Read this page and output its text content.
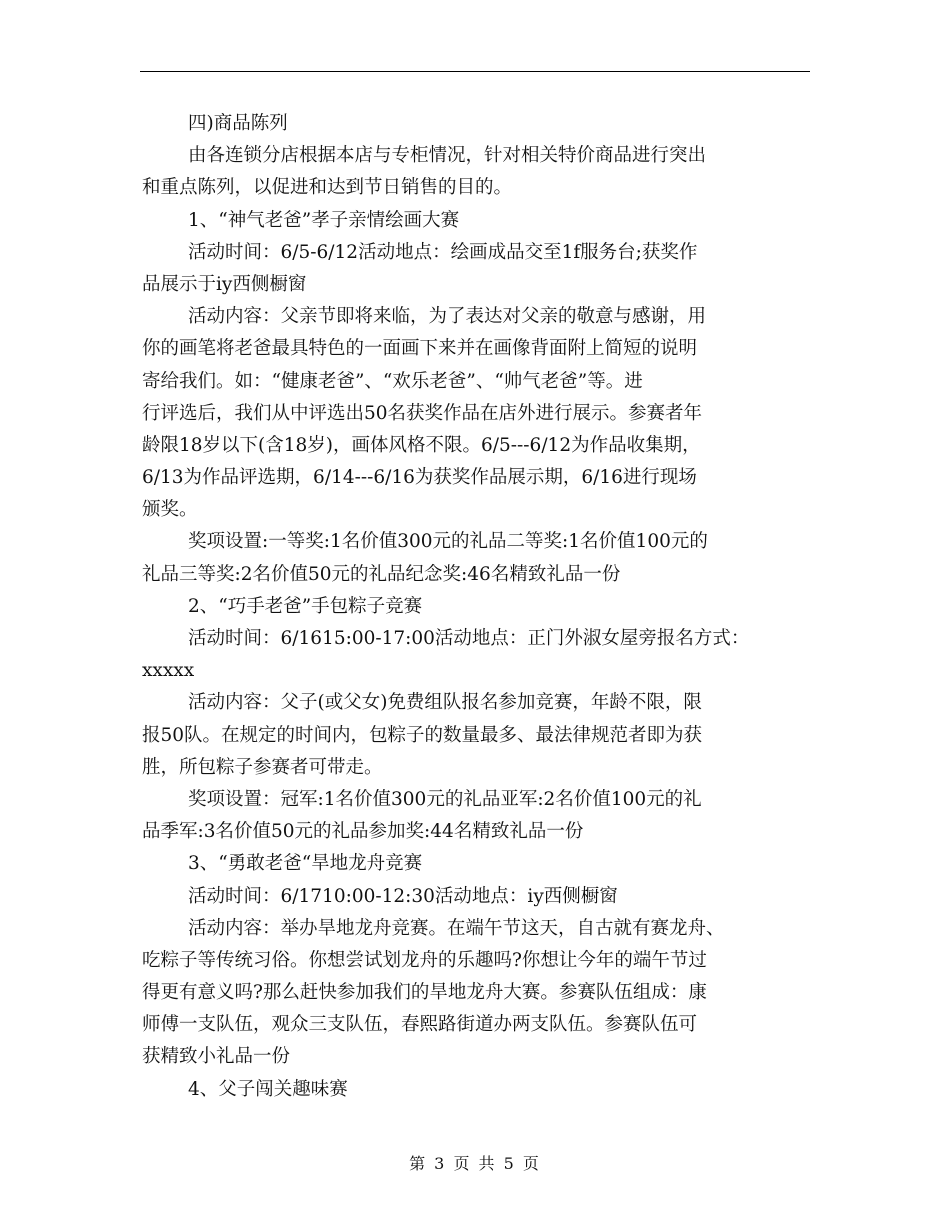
四)商品陈列
由各连锁分店根据本店与专柜情况，针对相关特价商品进行突出
和重点陈列，以促进和达到节日销售的目的。
1、“神气老爸”孝子亲情绘画大赛
活动时间：6/5-6/12活动地点：绘画成品交至1f服务台;获奖作
品展示于iy西侧橱窗
活动内容：父亲节即将来临，为了表达对父亲的敬意与感谢，用
你的画笔将老爸最具特色的一面画下来并在画像背面附上简短的说明
寄给我们。如：“健康老爸”、“欢乐老爸”、“帅气老爸”等。进
行评选后，我们从中评选出50名获奖作品在店外进行展示。参赛者年
龄限18岁以下(含18岁)，画体风格不限。6/5---6/12为作品收集期，
6/13为作品评选期，6/14---6/16为获奖作品展示期，6/16进行现场
颁奖。
奖项设置:一等奖:1名价值300元的礼品二等奖:1名价值100元的
礼品三等奖:2名价值50元的礼品纪念奖:46名精致礼品一份
2、“巧手老爸”手包粽子竞赛
活动时间：6/1615:00-17:00活动地点：正门外淑女屋旁报名方式：
xxxxx
活动内容：父子(或父女)免费组队报名参加竞赛，年龄不限，限
报50队。在规定的时间内，包粽子的数量最多、最法律规范者即为获
胜，所包粽子参赛者可带走。
奖项设置：冠军:1名价值300元的礼品亚军:2名价值100元的礼
品季军:3名价值50元的礼品参加奖:44名精致礼品一份
3、“勇敢老爸“旱地龙舟竞赛
活动时间：6/1710:00-12:30活动地点：iy西侧橱窗
活动内容：举办旱地龙舟竞赛。在端午节这天，自古就有赛龙舟、
吃粽子等传统习俗。你想尝试划龙舟的乐趣吗?你想让今年的端午节过
得更有意义吗?那么赶快参加我们的旱地龙舟大赛。参赛队伍组成：康
师傅一支队伍，观众三支队伍，春熙路街道办两支队伍。参赛队伍可
获精致小礼品一份
4、父子闯关趣味赛
第 3 页 共 5 页
